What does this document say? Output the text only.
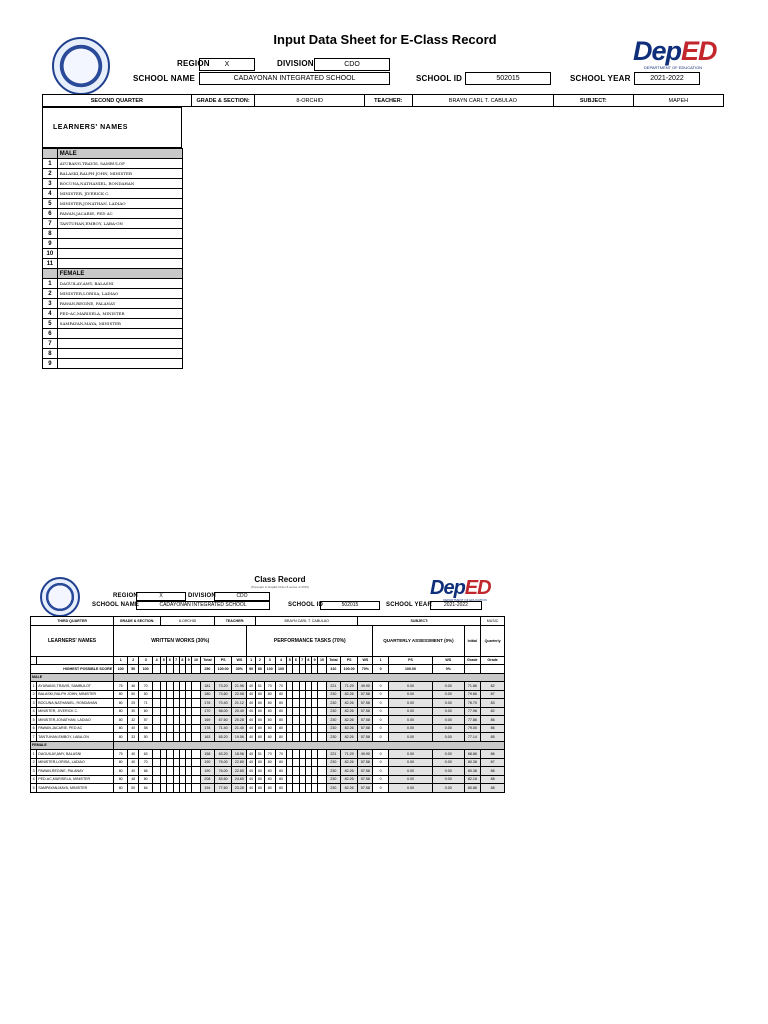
Input Data Sheet for E-Class Record	DepED
DEPARTMENT OF EDUCATION
REGION	X	DIVISION	CDO
SCHOOL NAME	CADAYONAN INTEGRATED SCHOOL	SCHOOL ID	502015	SCHOOL YEAR	2021-2022
SECOND QUARTER	GRADE & SECTION:	8-ORCHID	TEACHER:	BRAYN CARL T. CABULAO	SUBJECT:	MAPEH
LEARNERS' NAMES
	MALE
1	AYUBANG,TRAVIS, SAMBULOF
2	BALASKI,RALPH JOHN, MINISTER
3	BOCUNA,NATHANIEL, RONDAHAN
4	MINISTER, JIVERICK C.
5	MINISTER,JONATHAN, LADIAO
6	PAWAN,JACARIE, PED AC
7	TANTUHAN,EMBOY, LABA-ON
8	
9	
10	
11	
	FEMALE
1	DAGUILAY,AMY, BALASNI
2	MINISTER,LORISA, LADIAO
3	PAWAN,REGINE, PALANAY
4	PED-AC,MARISELA, MINISTER
5	SAMPAYAN,MAYA, MINISTER
6	
7	
8	
9	
Class Record
(Pursuant to DepEd Order 8 series of 2015)	DepED
DEPARTMENT OF EDUCATION
REGION	X	DIVISION	CDO
SCHOOL NAME	CADAYONAN INTEGRATED SCHOOL	SCHOOL ID	502015	SCHOOL YEAR	2021-2022
THIRD QUARTER		GRADE & SECTION:				8-ORCHID							TEACHER:			BRAYN CARL T. CABULAO											SUBJECT:					MUSIC
LEARNERS' NAMES		WRITTEN WORKS (30%)													PERFORMANCE TASKS (70%)													QUARTERLY ASSESSMENT (0%)			Initial	Quarterly

		1	2	3	4	5	6	7	8	9	10	Total	PS	WS	1	2	3	4	5	6	7	8	9	10	Total	PS	WS	1	PS	WS	Grade	Grade
HIGHEST POSSIBLE SCORE		100	50	100								250	100.00	30%	90	80	100	100							310	100.00	70%	0	100.00	0%		
MALE																																
1	AYUBANG,TRAVIS, SAMBULOT	75	46	70								181	73.20	21.96	40	51	70	70							221	71.29	49.90	0	0.00	0.00	71.86	82
2	BALASKI,RALPH JOHN, MINISTER	80	50	50								180	73.60	22.08	40	80	80	80							230	82.26	57.58	0	0.00	0.00	79.66	87
3	BOCUNA,NATHANIEL, RONDAHAN	80	25	71								176	70.40	21.12	40	80	80	80							230	82.26	57.58	0	0.00	0.00	78.70	83
4	MINISTER, JIVERICK C.	80	30	60								170	68.00	20.40	40	80	80	80							230	82.26	57.58	0	0.00	0.00	77.98	82
5	MINISTER,JONATHAN, LADIAO	80	32	57								169	67.60	20.28	40	80	80	80							230	82.26	57.58	0	0.00	0.00	77.86	86
6	PAWAN,JACARIE, PED AC	80	40	58								178	71.40	21.40	40	80	80	80							230	82.26	57.58	0	0.00	0.00	79.00	86
7	TANTUHAN,EMBOY, LABA-ON	80	33	50								163	65.20	19.56	40	80	80	80							230	82.26	57.58	0	0.00	0.00	77.14	85
FEMALE																																
1	DAGUILAY,AMY, BALASNI	75	40	63								158	63.20	18.96	40	51	70	70							221	71.29	49.90	0	0.00	0.00	68.86	86
2	MINISTER,LORISA, LADIAO	80	40	70								190	76.00	22.80	40	80	80	80							230	82.26	57.58	0	0.00	0.00	80.38	87
3	PAWAN,REGINE, PALANAY	80	40	66								190	76.00	22.80	40	80	80	80							230	82.26	57.58	0	0.00	0.00	80.38	86
4	PED-AC,MARISELA, MINISTER	80	48	80								208	83.60	24.60	40	80	80	80							230	82.26	57.58	0	0.00	0.00	82.18	88
5	SAMPAYAN,MAYA, MINISTER	80	50	64								194	77.60	23.28	40	80	80	80							230	82.26	57.58	0	0.00	0.00	80.86	88
